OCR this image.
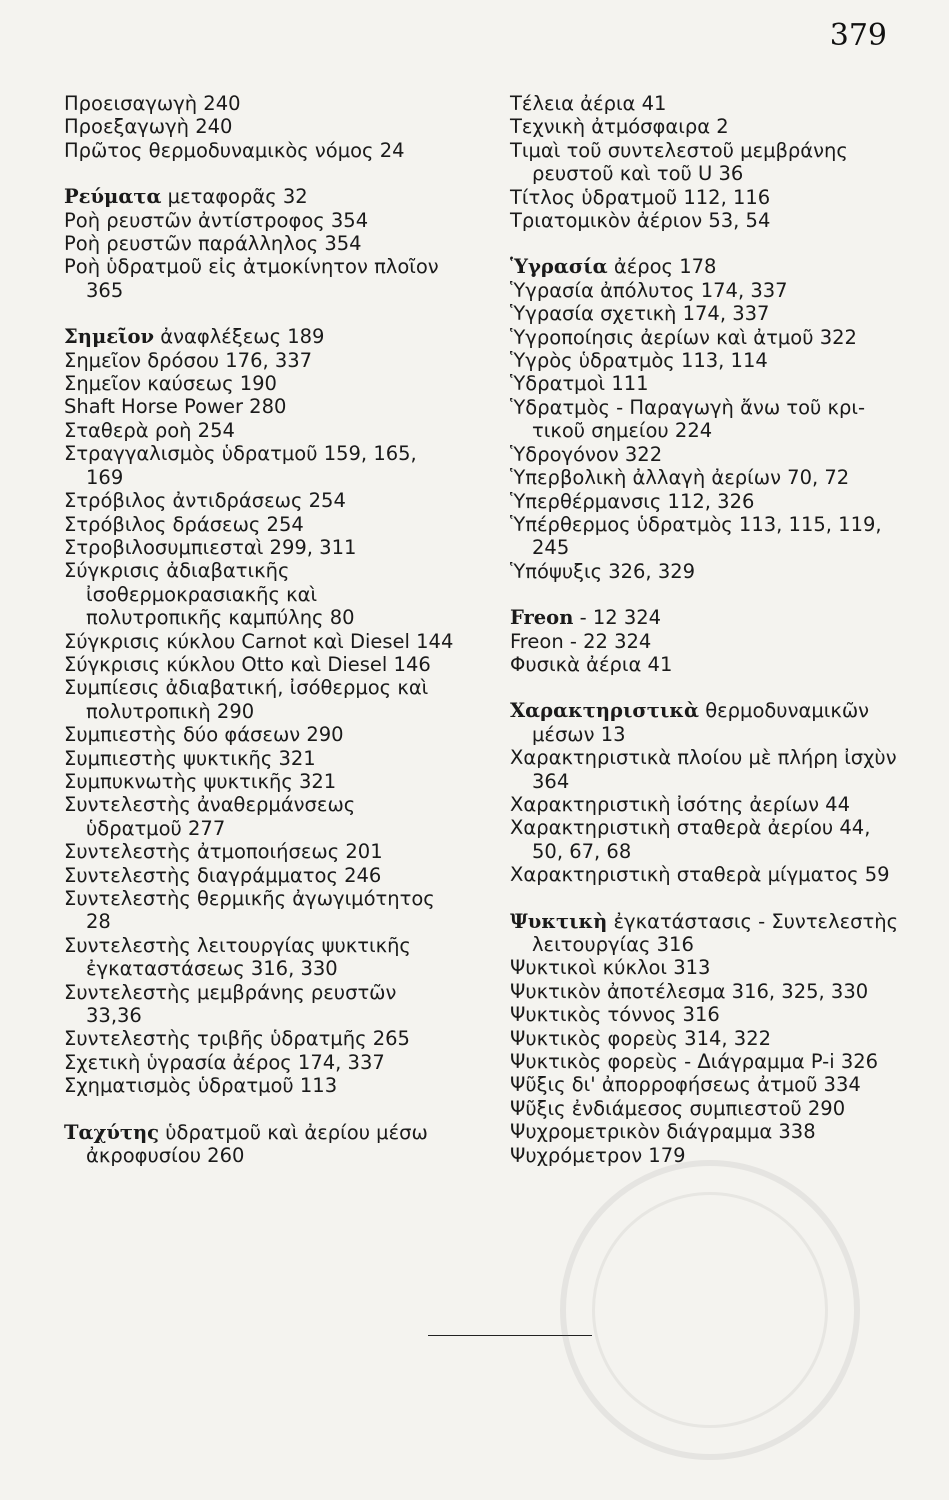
379

Προεισαγωγὴ 240

Προεξαγωγὴ 240

Πρῶτος θερμοδυναμικὸς νόμος 24

Ρεύματα μεταφορᾶς 32

Ροὴ ρευστῶν ἀντίστροφος 354

Ροὴ ρευστῶν παράλληλος 354

Ροὴ ὑδρατμοῦ εἰς ἀτμοκίνητον πλοῖον 365

Σημεῖον ἀναφλέξεως 189

Σημεῖον δρόσου 176, 337

Σημεῖον καύσεως 190

Shaft Horse Power 280

Σταθερὰ ροὴ 254

Στραγγαλισμὸς ὑδρατμοῦ 159, 165, 169

Στρόβιλος ἀντιδράσεως 254

Στρόβιλος δράσεως 254

Στροβιλοσυμπιεσταὶ 299, 311

Σύγκρισις ἀδιαβατικῆς ἰσοθερμοκρασιακῆς καὶ πολυτροπικῆς καμπύλης 80

Σύγκρισις κύκλου Carnot καὶ Diesel 144

Σύγκρισις κύκλου Otto καὶ Diesel 146

Συμπίεσις ἀδιαβατική, ἰσόθερμος καὶ πολυτροπικὴ 290

Συμπιεστὴς δύο φάσεων 290

Συμπιεστὴς ψυκτικῆς 321

Συμπυκνωτὴς ψυκτικῆς 321

Συντελεστὴς ἀναθερμάνσεως ὑδρατμοῦ 277

Συντελεστὴς ἀτμοποιήσεως 201

Συντελεστὴς διαγράμματος 246

Συντελεστὴς θερμικῆς ἀγωγιμότητος 28

Συντελεστὴς λειτουργίας ψυκτικῆς ἐγκαταστάσεως 316, 330

Συντελεστὴς μεμβράνης ρευστῶν 33,36

Συντελεστὴς τριβῆς ὑδρατμῆς 265

Σχετικὴ ὑγρασία ἀέρος 174, 337

Σχηματισμὸς ὑδρατμοῦ 113

Ταχύτης ὑδρατμοῦ καὶ ἀερίου μέσω ἀκροφυσίου 260

Τέλεια ἀέρια 41

Τεχνικὴ ἀτμόσφαιρα 2

Τιμαὶ τοῦ συντελεστοῦ μεμβράνης ρευστοῦ καὶ τοῦ U 36

Τίτλος ὑδρατμοῦ 112, 116

Τριατομικὸν ἀέριον 53, 54

Ὑγρασία ἀέρος 178

Ὑγρασία ἀπόλυτος 174, 337

Ὑγρασία σχετικὴ 174, 337

Ὑγροποίησις ἀερίων καὶ ἀτμοῦ 322

Ὑγρὸς ὑδρατμὸς 113, 114

Ὑδρατμοὶ 111

Ὑδρατμὸς - Παραγωγὴ ἄνω τοῦ κριτικοῦ σημείου 224

Ὑδρογόνον 322

Ὑπερβολικὴ ἀλλαγὴ ἀερίων 70, 72

Ὑπερθέρμανσις 112, 326

Ὑπέρθερμος ὑδρατμὸς 113, 115, 119, 245

Ὑπόψυξις 326, 329

Freon - 12 324

Freon - 22 324

Φυσικὰ ἀέρια 41

Χαρακτηριστικὰ θερμοδυναμικῶν μέσων 13

Χαρακτηριστικὰ πλοίου μὲ πλήρη ἰσχὺν 364

Χαρακτηριστικὴ ἰσότης ἀερίων 44

Χαρακτηριστικὴ σταθερὰ ἀερίου 44, 50, 67, 68

Χαρακτηριστικὴ σταθερὰ μίγματος 59

Ψυκτικὴ ἐγκατάστασις - Συντελεστὴς λειτουργίας 316

Ψυκτικοὶ κύκλοι 313

Ψυκτικὸν ἀποτέλεσμα 316, 325, 330

Ψυκτικὸς τόννος 316

Ψυκτικὸς φορεὺς 314, 322

Ψυκτικὸς φορεὺς - Διάγραμμα P-i 326

Ψῦξις δι' ἀπορροφήσεως ἀτμοῦ 334

Ψῦξις ἐνδιάμεσος συμπιεστοῦ 290

Ψυχρομετρικὸν διάγραμμα 338

Ψυχρόμετρον 179
